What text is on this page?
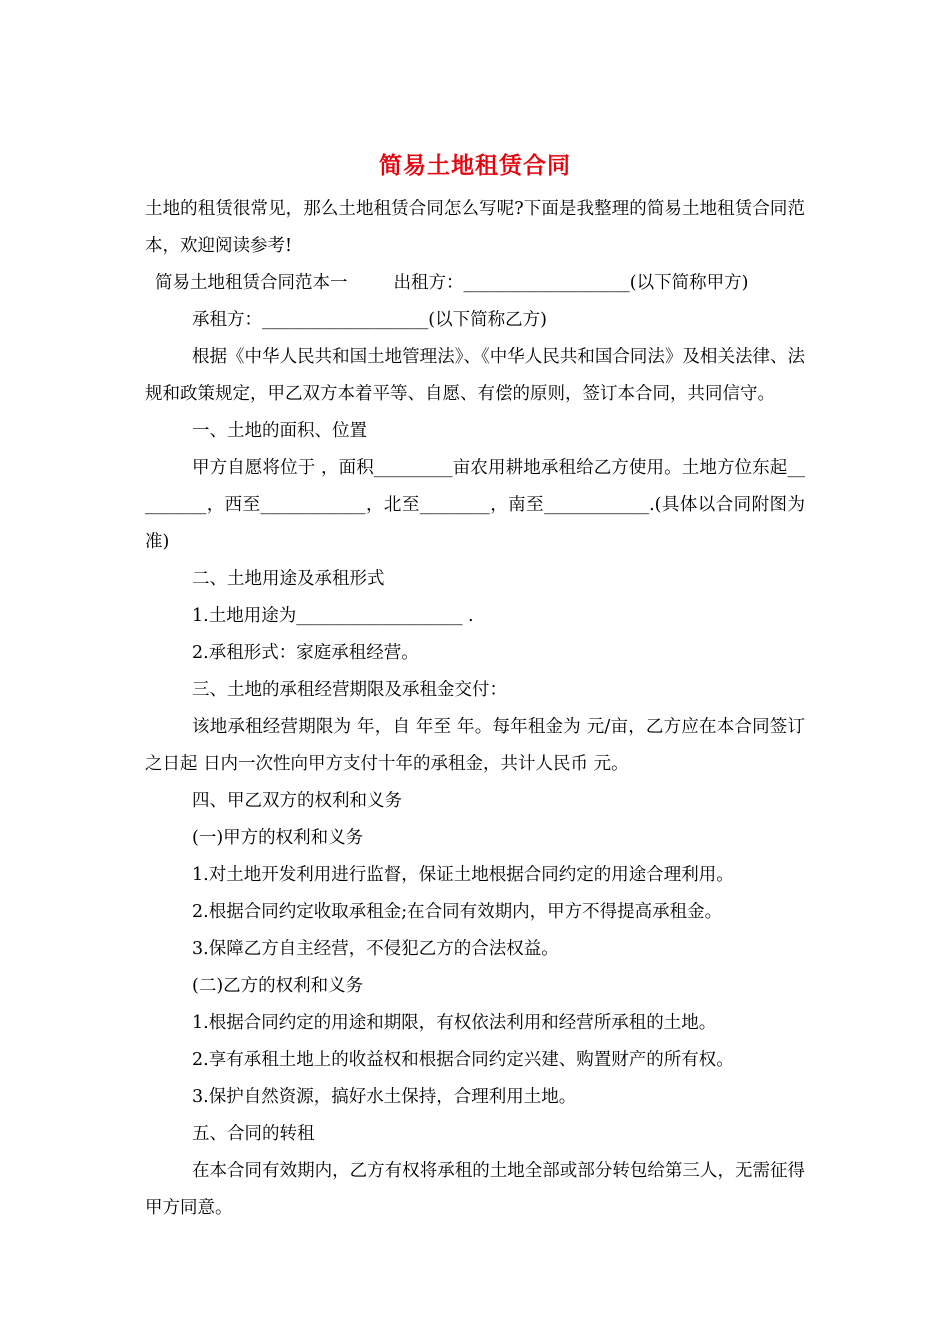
简易土地租赁合同

土地的租赁很常见，那么土地租赁合同怎么写呢?下面是我整理的简易土地租赁合同范本，欢迎阅读参考!

简易土地租赁合同范本一	出租方：___________________(以下简称甲方)

承租方：___________________(以下简称乙方)

根据《中华人民共和国土地管理法》、《中华人民共和国合同法》及相关法律、法规和政策规定，甲乙双方本着平等、自愿、有偿的原则，签订本合同，共同信守。

一、土地的面积、位置

甲方自愿将位于 ，面积_________亩农用耕地承租给乙方使用。土地方位东起_________，西至____________，北至________，南至____________.(具体以合同附图为准)

二、土地用途及承租形式

1.土地用途为___________________ .

2.承租形式：家庭承租经营。

三、土地的承租经营期限及承租金交付：

该地承租经营期限为 年，自 年至 年。每年租金为 元/亩，乙方应在本合同签订之日起 日内一次性向甲方支付十年的承租金，共计人民币 元。

四、甲乙双方的权利和义务

(一)甲方的权利和义务

1.对土地开发利用进行监督，保证土地根据合同约定的用途合理利用。

2.根据合同约定收取承租金;在合同有效期内，甲方不得提高承租金。

3.保障乙方自主经营，不侵犯乙方的合法权益。

(二)乙方的权利和义务

1.根据合同约定的用途和期限，有权依法利用和经营所承租的土地。

2.享有承租土地上的收益权和根据合同约定兴建、购置财产的所有权。

3.保护自然资源，搞好水土保持，合理利用土地。

五、合同的转租

在本合同有效期内，乙方有权将承租的土地全部或部分转包给第三人，无需征得甲方同意。
